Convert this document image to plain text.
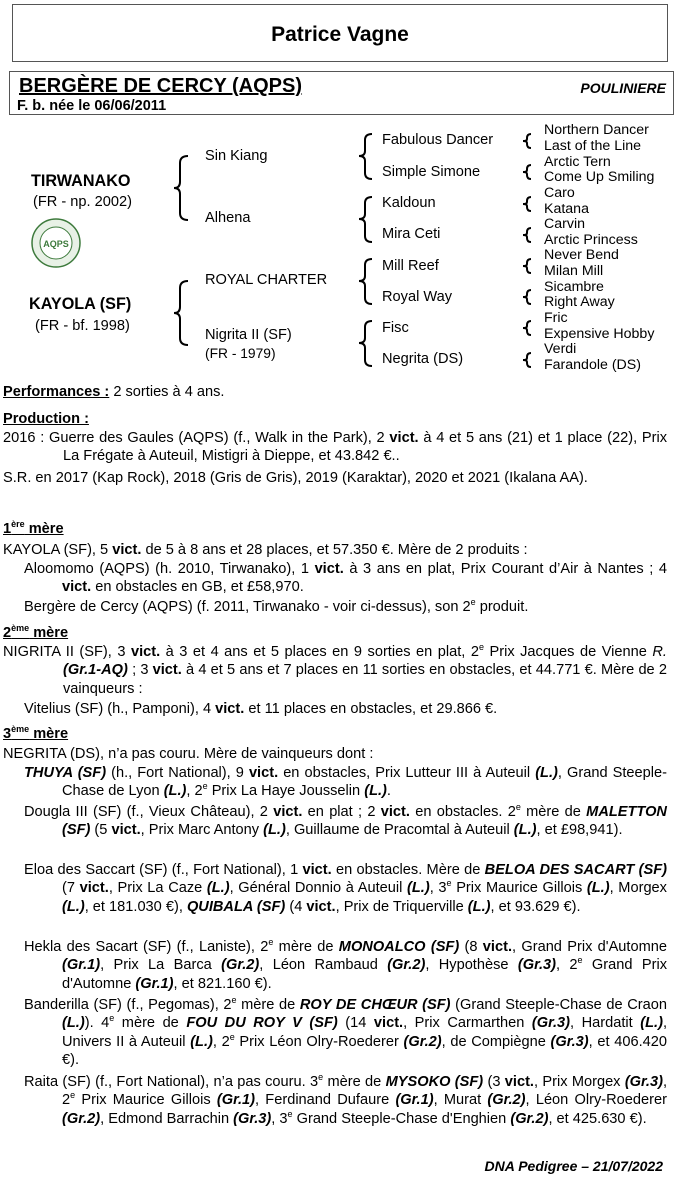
Patrice Vagne
BERGÈRE DE CERCY (AQPS)	POULINIERE
F. b. née le 06/06/2011
TIRWANAKO
(FR - np. 2002)
AQPS
KAYOLA (SF)
(FR - bf. 1998)
Sin Kiang
Alhena
ROYAL CHARTER
Nigrita II (SF)
(FR - 1979)
Fabulous Dancer
Simple Simone
Kaldoun
Mira Ceti
Mill Reef
Royal Way
Fisc
Negrita (DS)
Northern Dancer
Last of the Line
Arctic Tern
Come Up Smiling
Caro
Katana
Carvin
Arctic Princess
Never Bend
Milan Mill
Sicambre
Right Away
Fric
Expensive Hobby
Verdi
Farandole (DS)
Performances : 2 sorties à 4 ans.
Production :
2016 : Guerre des Gaules (AQPS) (f., Walk in the Park), 2 vict. à 4 et 5 ans (21) et 1 place (22), Prix La Frégate à Auteuil, Mistigri à Dieppe, et 43.842 €..
S.R. en 2017 (Kap Rock), 2018 (Gris de Gris), 2019 (Karaktar), 2020 et 2021 (Ikalana AA).
1ère mère
KAYOLA (SF), 5 vict. de 5 à 8 ans et 28 places, et 57.350 €. Mère de 2 produits :
Aloomomo (AQPS) (h. 2010, Tirwanako), 1 vict. à 3 ans en plat, Prix Courant d’Air à Nantes ; 4 vict. en obstacles en GB, et £58,970.
Bergère de Cercy (AQPS) (f. 2011, Tirwanako - voir ci-dessus), son 2e produit.
2ème mère
NIGRITA II (SF), 3 vict. à 3 et 4 ans et 5 places en 9 sorties en plat, 2e Prix Jacques de Vienne R. (Gr.1-AQ) ; 3 vict. à 4 et 5 ans et 7 places en 11 sorties en obstacles, et 44.771 €. Mère de 2 vainqueurs :
Vitelius (SF) (h., Pamponi), 4 vict. et 11 places en obstacles, et 29.866 €.
3ème mère
NEGRITA (DS), n’a pas couru. Mère de vainqueurs dont :
THUYA (SF) (h., Fort National), 9 vict. en obstacles, Prix Lutteur III à Auteuil (L.), Grand Steeple-Chase de Lyon (L.), 2e Prix La Haye Jousselin (L.).
Dougla III (SF) (f., Vieux Château), 2 vict. en plat ; 2 vict. en obstacles. 2e mère de MALETTON (SF) (5 vict., Prix Marc Antony (L.), Guillaume de Pracomtal à Auteuil (L.), et £98,941).
Eloa des Saccart (SF) (f., Fort National), 1 vict. en obstacles. Mère de BELOA DES SACART (SF) (7 vict., Prix La Caze (L.), Général Donnio à Auteuil (L.), 3e Prix Maurice Gillois (L.), Morgex (L.), et 181.030 €), QUIBALA (SF) (4 vict., Prix de Triquerville (L.), et 93.629 €).
Hekla des Sacart (SF) (f., Laniste), 2e mère de MONOALCO (SF) (8 vict., Grand Prix d'Automne (Gr.1), Prix La Barca (Gr.2), Léon Rambaud (Gr.2), Hypothèse (Gr.3), 2e Grand Prix d'Automne (Gr.1), et 821.160 €).
Banderilla (SF) (f., Pegomas), 2e mère de ROY DE CHŒUR (SF) (Grand Steeple-Chase de Craon (L.)). 4e mère de FOU DU ROY V (SF) (14 vict., Prix Carmarthen (Gr.3), Hardatit (L.), Univers II à Auteuil (L.), 2e Prix Léon Olry-Roederer (Gr.2), de Compiègne (Gr.3), et 406.420 €).
Raita (SF) (f., Fort National), n’a pas couru. 3e mère de MYSOKO (SF) (3 vict., Prix Morgex (Gr.3), 2e Prix Maurice Gillois (Gr.1), Ferdinand Dufaure (Gr.1), Murat (Gr.2), Léon Olry-Roederer (Gr.2), Edmond Barrachin (Gr.3), 3e Grand Steeple-Chase d'Enghien (Gr.2), et 425.630 €).
DNA Pedigree – 21/07/2022
